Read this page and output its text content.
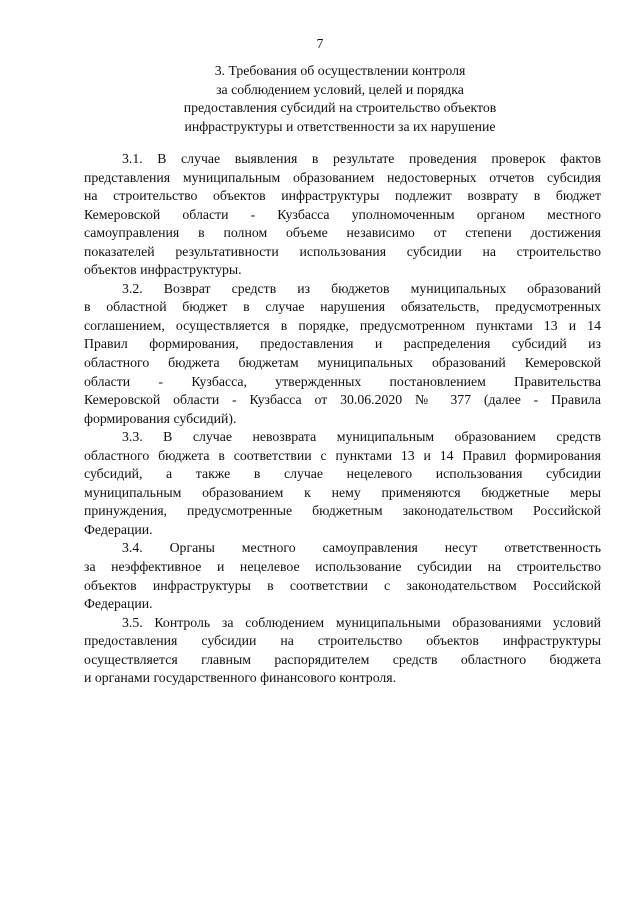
7
3. Требования об осуществлении контроля
за соблюдением условий, целей и порядка
предоставления субсидий на строительство объектов
инфраструктуры и ответственности за их нарушение
3.1. В случае выявления в результате проведения проверок фактов
представления муниципальным образованием недостоверных отчетов субсидия
на строительство объектов инфраструктуры подлежит возврату в бюджет
Кемеровской области - Кузбасса уполномоченным органом местного
самоуправления в полном объеме независимо от степени достижения
показателей результативности использования субсидии на строительство
объектов инфраструктуры.
3.2. Возврат средств из бюджетов муниципальных образований
в областной бюджет в случае нарушения обязательств, предусмотренных
соглашением, осуществляется в порядке, предусмотренном пунктами 13 и 14
Правил формирования, предоставления и распределения субсидий из
областного бюджета бюджетам муниципальных образований Кемеровской
области - Кузбасса, утвержденных постановлением Правительства
Кемеровской области - Кузбасса от 30.06.2020 № 377 (далее - Правила
формирования субсидий).
3.3. В случае невозврата муниципальным образованием средств
областного бюджета в соответствии с пунктами 13 и 14 Правил формирования
субсидий, а также в случае нецелевого использования субсидии
муниципальным образованием к нему применяются бюджетные меры
принуждения, предусмотренные бюджетным законодательством Российской
Федерации.
3.4. Органы местного самоуправления несут ответственность
за неэффективное и нецелевое использование субсидии на строительство
объектов инфраструктуры в соответствии с законодательством Российской
Федерации.
3.5. Контроль за соблюдением муниципальными образованиями условий
предоставления субсидии на строительство объектов инфраструктуры
осуществляется главным распорядителем средств областного бюджета
и органами государственного финансового контроля.
